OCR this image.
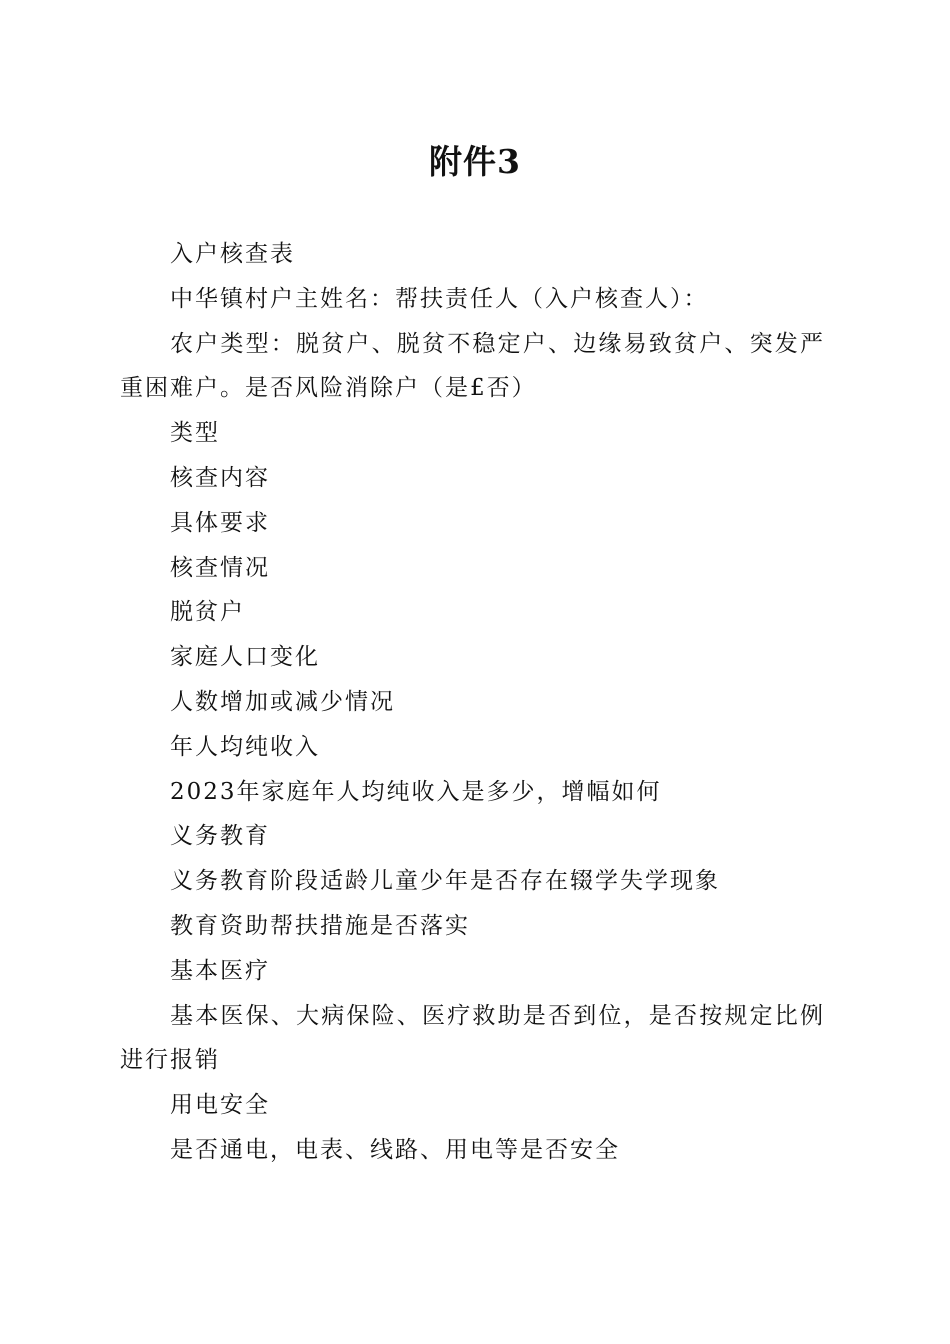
附件3

入户核查表

中华镇村户主姓名：帮扶责任人（入户核查人）：

农户类型：脱贫户、脱贫不稳定户、边缘易致贫户、突发严重困难户。是否风险消除户（是£否）

类型

核查内容

具体要求

核查情况

脱贫户

家庭人口变化

人数增加或减少情况

年人均纯收入

2023年家庭年人均纯收入是多少，增幅如何

义务教育

义务教育阶段适龄儿童少年是否存在辍学失学现象

教育资助帮扶措施是否落实

基本医疗

基本医保、大病保险、医疗救助是否到位，是否按规定比例进行报销

用电安全

是否通电，电表、线路、用电等是否安全
